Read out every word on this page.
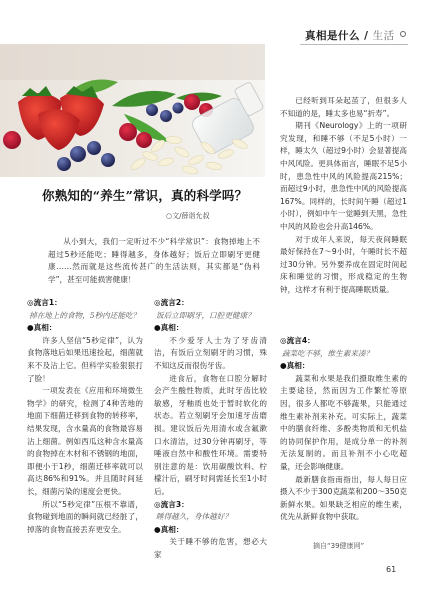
真相是什么 / 生活
你熟知的“养生”常识，真的科学吗？
○文/薛诣允叔
从小到大，我们一定听过不少“科学常识”：食物掉地上不超过5秒还能吃；睡得越多，身体越好；饭后立即刷牙更健康……然而就是这些流传甚广的生活法则，其实都是“伪科学”，甚至可能损害健康！
◎流言1：
掉在地上的食物，5秒内还能吃？
●真相：

许多人坚信“5秒定律”，认为食物落地后如果迅速捡起，细菌就来不及沾上它。但科学实验狠狠打了脸！

一项发表在《应用和环境微生物学》的研究，检测了4种苦地的地面下细菌迁移到食物的转移率，结果发现，含水量高的食物最容易沾上细菌。例如西瓜这种含水量高的食物掉在木材和不锈钢的地面，即便小于1秒，细菌迁移率就可以高达86%和91%。并且随时间延长，细菌污染的速度会更快。

所以“5秒定律”压根不靠谱，食物碰到地面的瞬间就已经脏了，掉落的食物直接丢弃更安全。

◎流言2：
饭后立即刷牙，口腔更健康？
●真相：

不少爱牙人士为了牙齿清洁，有饭后立刻刷牙的习惯，殊不知这反而很伤牙齿。

进食后，食物在口腔分解时会产生酸性物质，此时牙齿比较敏感，牙釉质也处于暂时软化的状态。若立刻刷牙会加速牙齿磨损。建议饭后先用清水或含氟漱口水清洁，过30分钟再刷牙，等唾液自然中和酸性环境。需要特别注意的是：饮用碳酸饮料、柠檬汁后，刷牙时间需延长至1小时后。

◎流言3：
睡得越久，身体越好？
●真相：

关于睡不够的危害，想必大家

已经听到耳朵起茧了，但很多人不知道的是，睡太多也易“折寿”。

期刊《Neurology》上的一项研究发现，和睡不够（不足5小时）一样，睡太久（超过9小时）会显著提高中风风险。更具体而言，睡眠不足5小时，患急性中风的风险提高215%；而超过9小时，患急性中风的风险提高167%。同样的，长时间午睡（超过1小时），例如中午一觉睡到天黑，急性中风的风险也会升高146%。

对于成年人来说，每天夜间睡眠最好保持在7～9小时，午睡时长不超过30分钟。另外要养成在固定时间起床和睡觉的习惯，形成稳定的生物钟，这样才有利于提高睡眠质量。

◎流言4：
蔬菜吃不够，维生素来凑？
●真相：

蔬菜和水果是我们摄取维生素的主要途径，然而因为工作繁忙等原因，很多人都吃不够蔬果，只能通过维生素补剂来补充。可实际上，蔬菜中的膳食纤维、多酚类物质和无机盐的协同保护作用，是成分单一的补剂无法复制的。而且补剂不小心吃超量，还会影响健康。

最新膳食指南指出，每人每日应摄入不少于300克蔬菜和200～350克新鲜水果。如果缺乏相应的维生素，优先从新鲜食物中获取。

摘自“39健康网”
61
